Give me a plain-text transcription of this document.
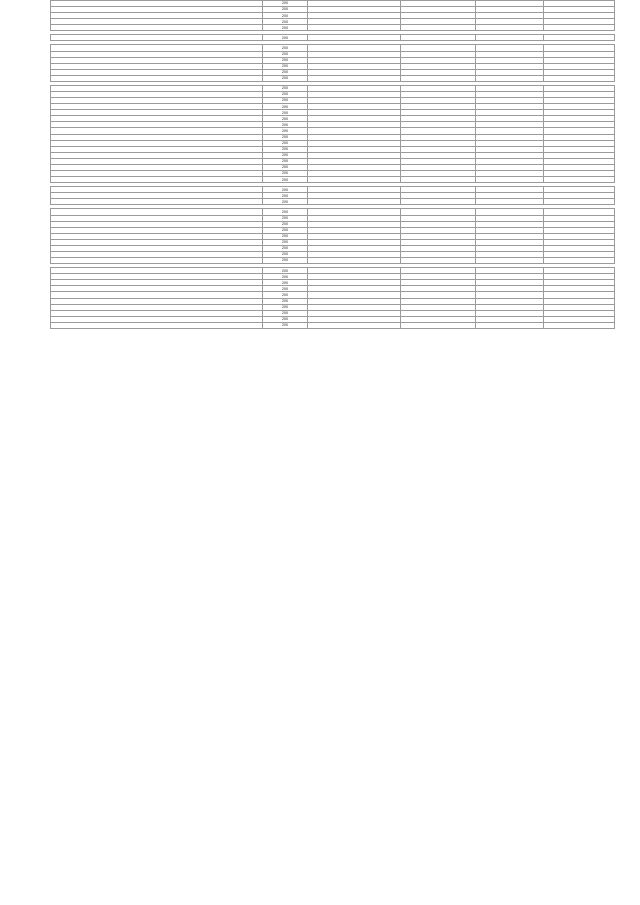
	200				
	200				
	200				
	200				
	200				

	200				

	200				
	200				
	200				
	200				
	200				
	200				

	200				
	200				
	200				
	200				
	200				
	200				
	200				
	200				
	200				
	200				
	200				
	200				
	200				
	200				
	200				
	200				

	200				
	200				
	200				

	200				
	200				
	200				
	200				
	200				
	200				
	200				
	200				
	200				

	200				
	200				
	200				
	200				
	200				
	200				
	200				
	200				
	200				
	200				
